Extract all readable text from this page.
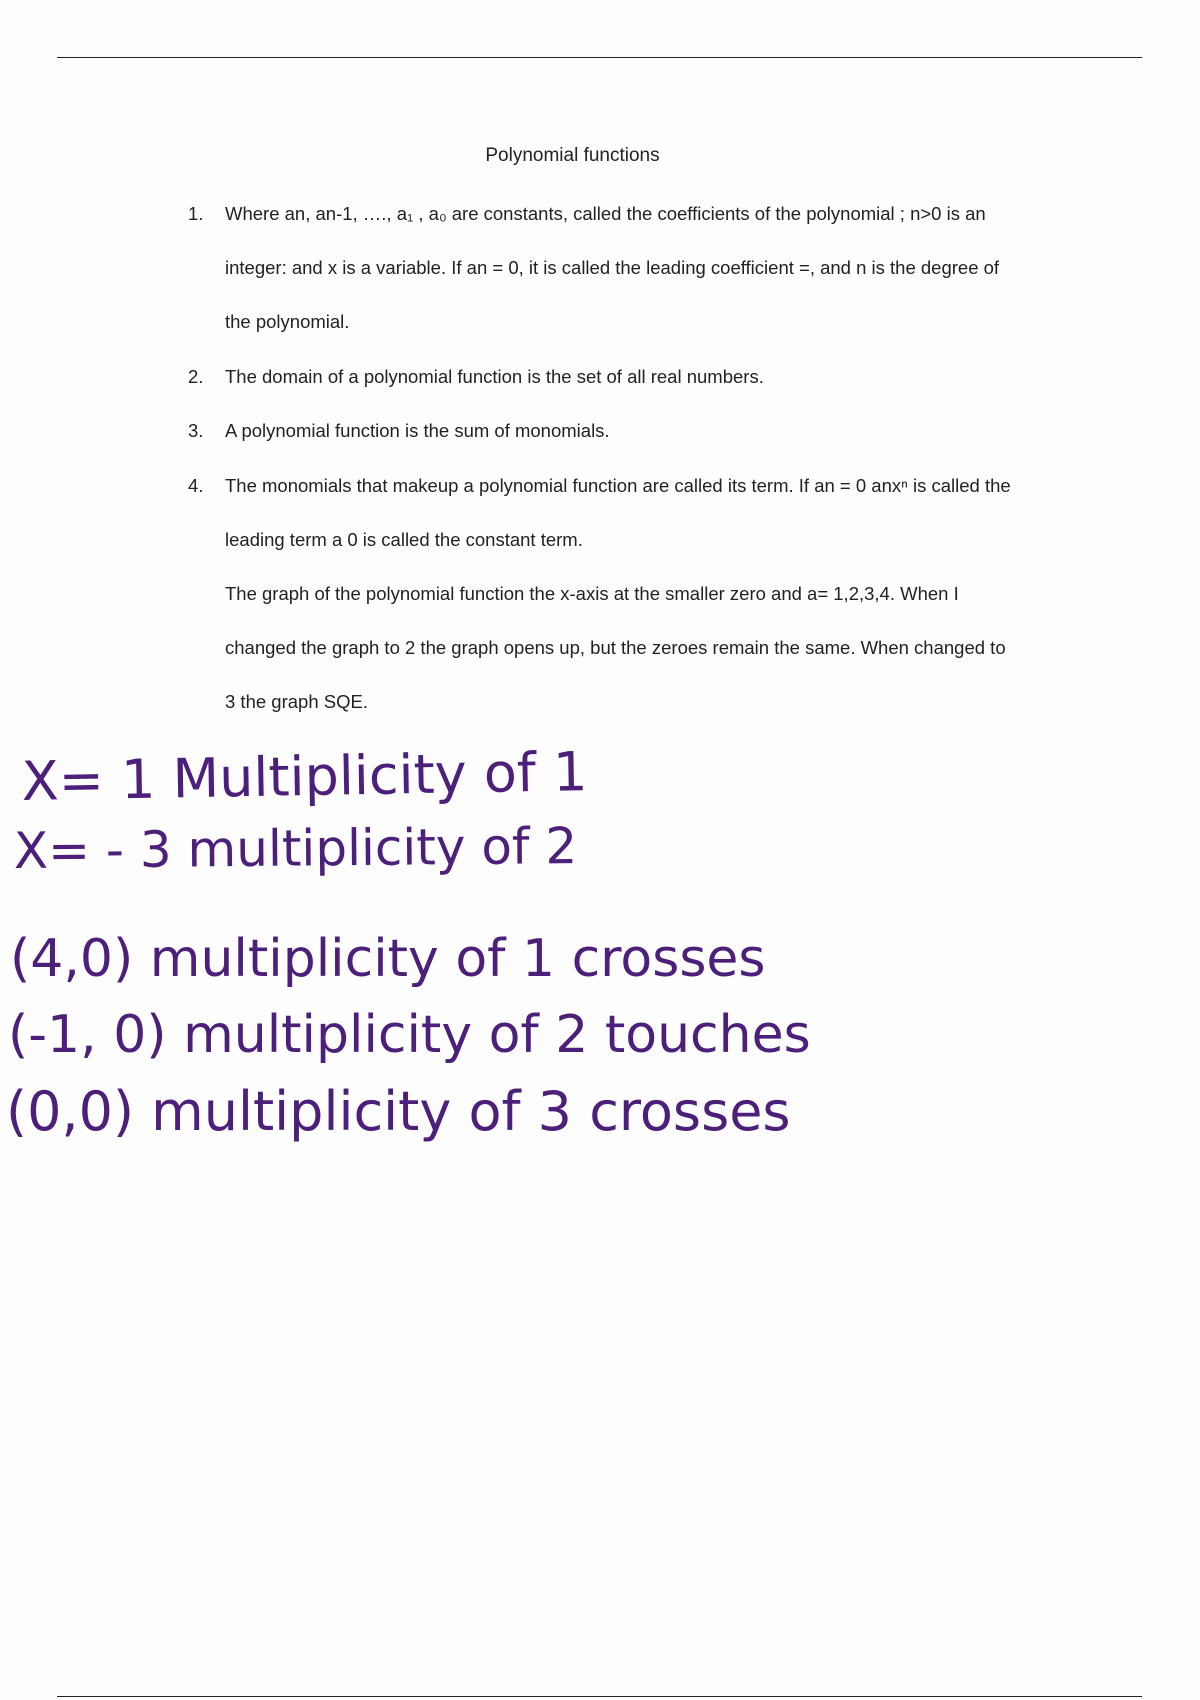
Polynomial functions
1. Where an, an-1, …., a₁ , a₀ are constants, called the coefficients of the polynomial ; n>0 is an
integer: and x is a variable. If an = 0, it is called the leading coefficient =, and n is the degree of
the polynomial.
2. The domain of a polynomial function is the set of all real numbers.
3. A polynomial function is the sum of monomials.
4. The monomials that makeup a polynomial function are called its term. If an = 0 anxⁿ is called the
leading term a 0 is called the constant term.
The graph of the polynomial function the x-axis at the smaller zero and a= 1,2,3,4. When I
changed the graph to 2 the graph opens up, but the zeroes remain the same. When changed to
3 the graph SQE.
X= 1 Multiplicity of 1
X= - 3 multiplicity of 2
(4,0) multiplicity of 1 crosses
(-1, 0) multiplicity of 2 touches
(0,0) multiplicity of 3 crosses
